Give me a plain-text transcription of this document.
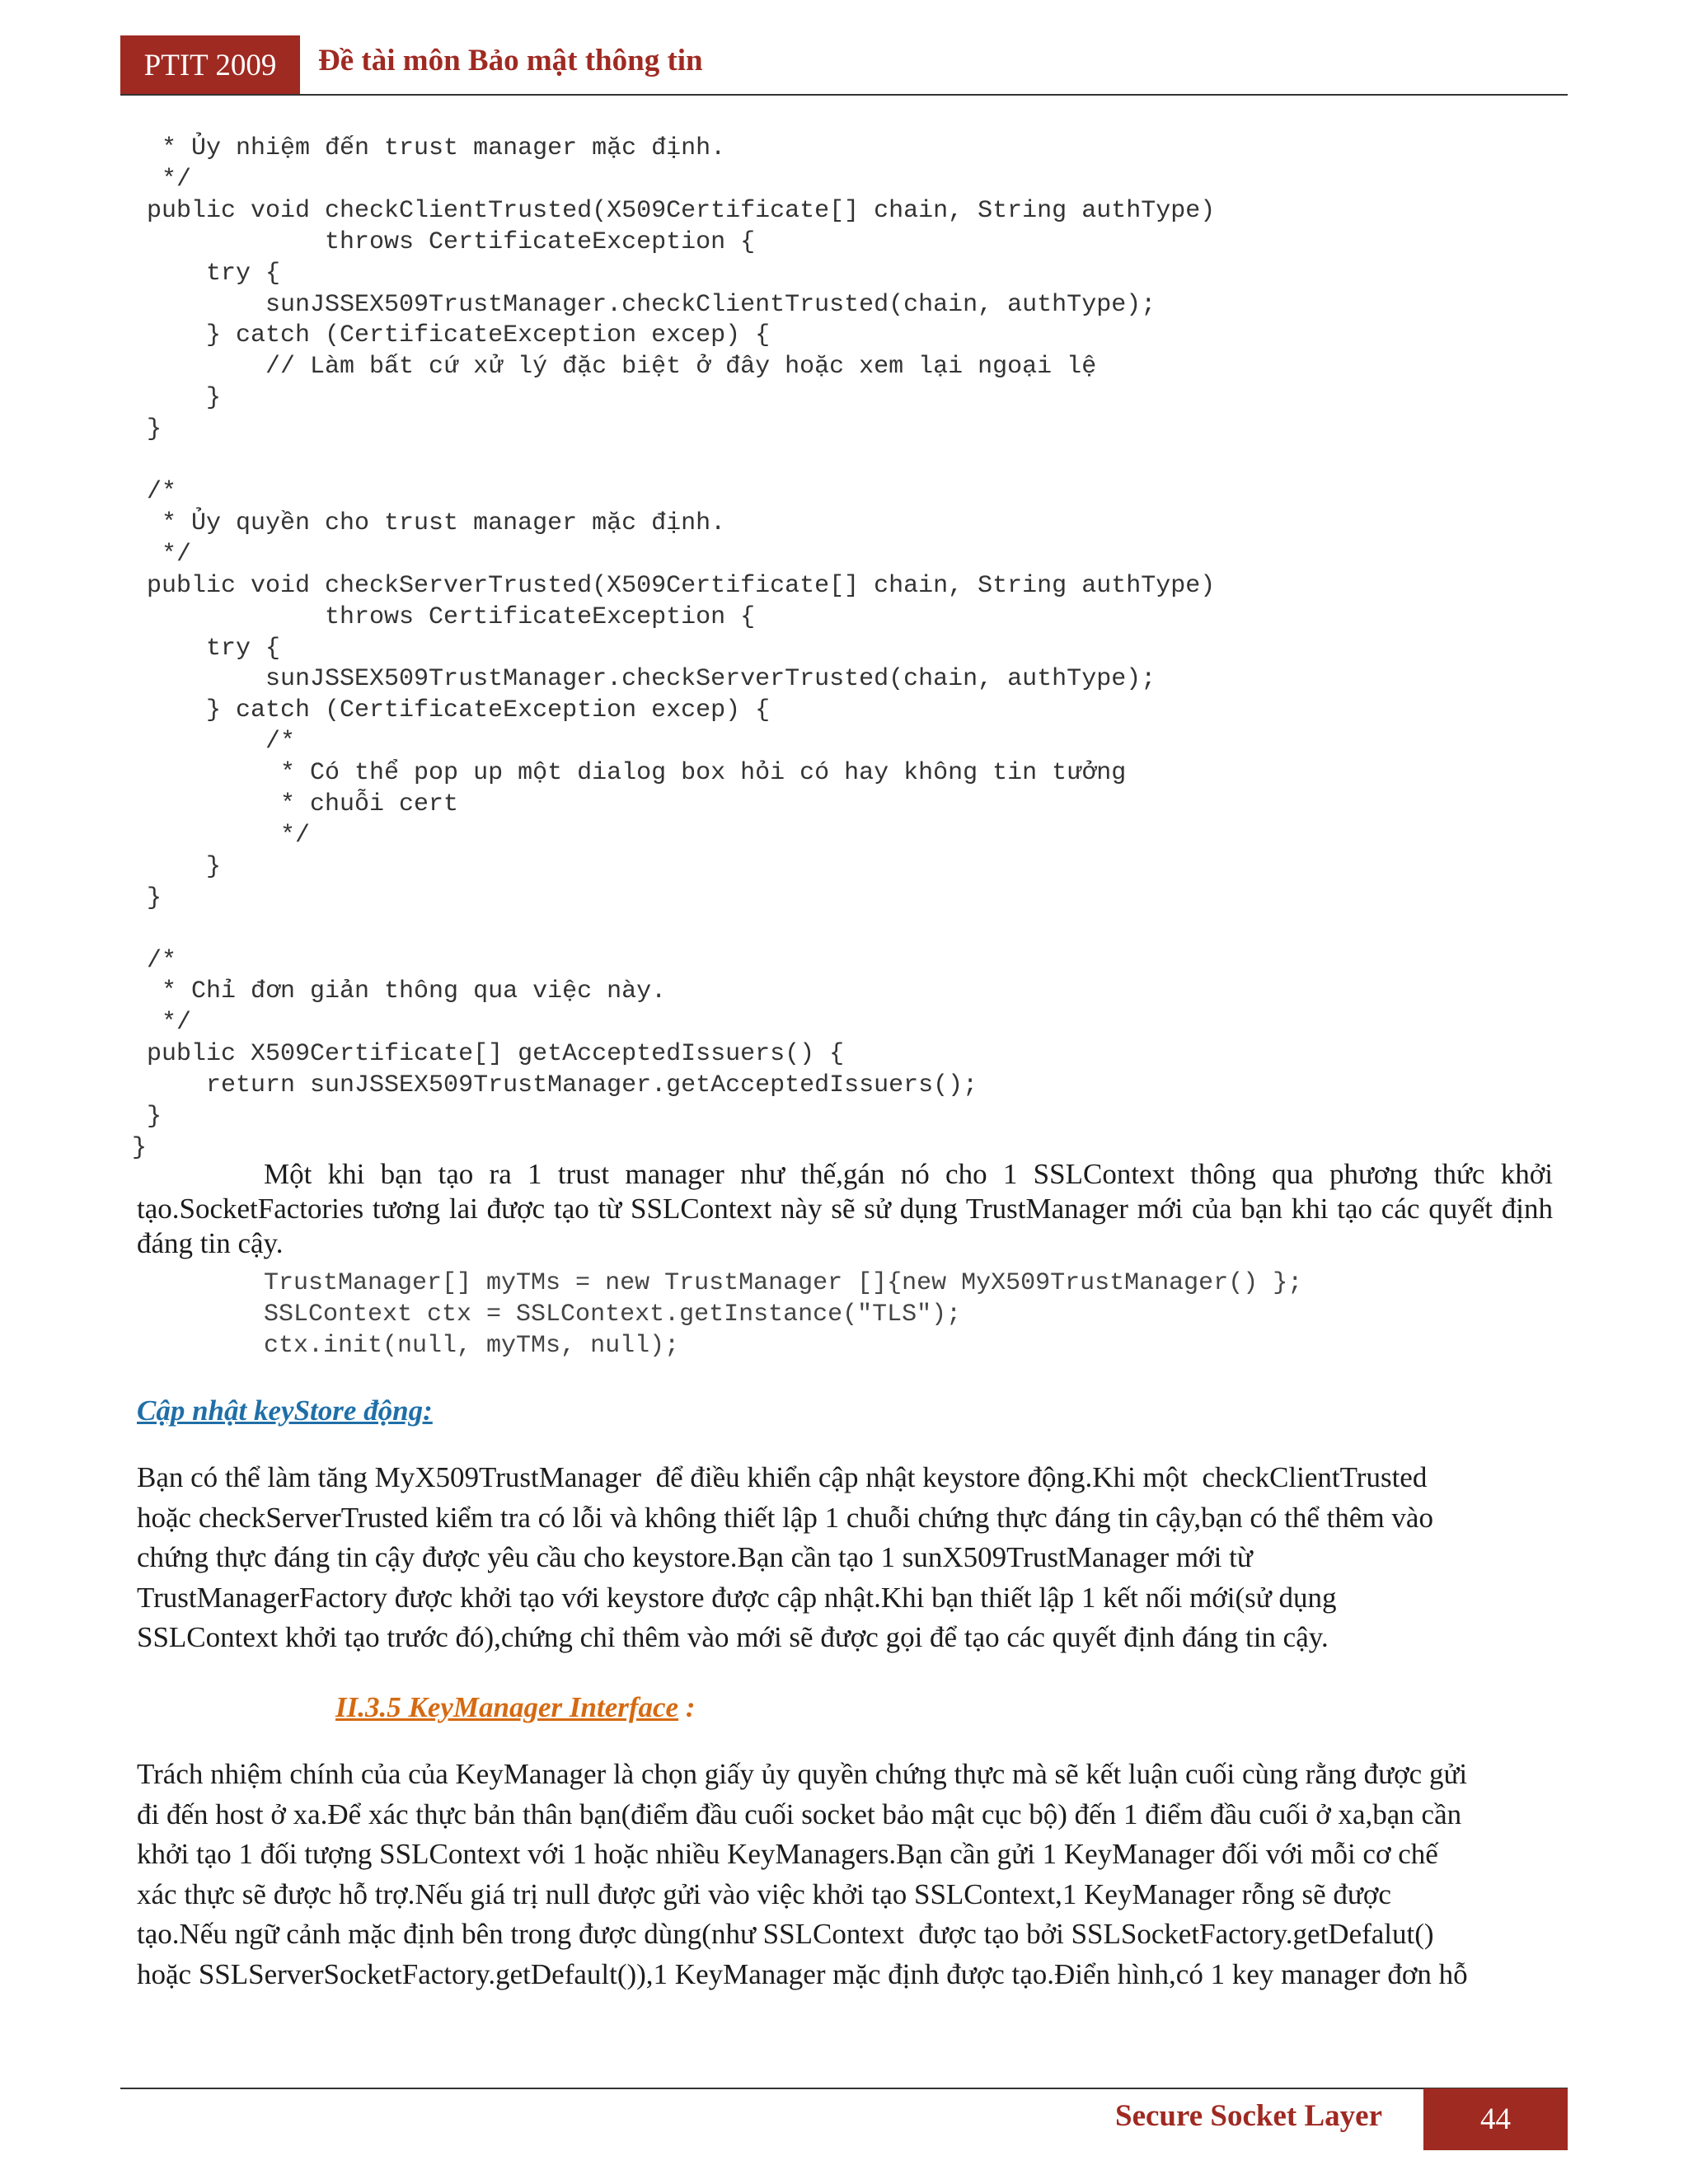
PTIT 2009 Đề tài môn Bảo mật thông tin
* Ủy nhiệm đến trust manager mặc định.
*/
public void checkClientTrusted(X509Certificate[] chain, String authType)
throws CertificateException {
try {
sunJSSEX509TrustManager.checkClientTrusted(chain, authType);
} catch (CertificateException excep) {
// Làm bất cứ xử lý đặc biệt ở đây hoặc xem lại ngoại lệ
}
}

/*
* Ủy quyền cho trust manager mặc định.
*/
public void checkServerTrusted(X509Certificate[] chain, String authType)
throws CertificateException {
try {
sunJSSEX509TrustManager.checkServerTrusted(chain, authType);
} catch (CertificateException excep) {
/*
* Có thể pop up một dialog box hỏi có hay không tin tưởng
* chuỗi cert
*/
}
}

/*
* Chỉ đơn giản thông qua việc này.
*/
public X509Certificate[] getAcceptedIssuers() {
return sunJSSEX509TrustManager.getAcceptedIssuers();
}
}

Một khi bạn tạo ra 1 trust manager như thế,gán nó cho 1 SSLContext thông qua phương thức khởi tạo.SocketFactories tương lai được tạo từ SSLContext này sẽ sử dụng TrustManager mới của bạn khi tạo các quyết định đáng tin cậy.

TrustManager[] myTMs = new TrustManager []{new MyX509TrustManager() };
SSLContext ctx = SSLContext.getInstance("TLS");
ctx.init(null, myTMs, null);
Cập nhật keyStore động:
Bạn có thể làm tăng MyX509TrustManager  để điều khiển cập nhật keystore động.Khi một  checkClientTrusted
hoặc checkServerTrusted kiểm tra có lỗi và không thiết lập 1 chuỗi chứng thực đáng tin cậy,bạn có thể thêm vào
chứng thực đáng tin cậy được yêu cầu cho keystore.Bạn cần tạo 1 sunX509TrustManager mới từ
TrustManagerFactory được khởi tạo với keystore được cập nhật.Khi bạn thiết lập 1 kết nối mới(sử dụng
SSLContext khởi tạo trước đó),chứng chỉ thêm vào mới sẽ được gọi để tạo các quyết định đáng tin cậy.
II.3.5 KeyManager Interface :
Trách nhiệm chính của của KeyManager là chọn giấy ủy quyền chứng thực mà sẽ kết luận cuối cùng rằng được gửi
đi đến host ở xa.Để xác thực bản thân bạn(điểm đầu cuối socket bảo mật cục bộ) đến 1 điểm đầu cuối ở xa,bạn cần
khởi tạo 1 đối tượng SSLContext với 1 hoặc nhiều KeyManagers.Bạn cần gửi 1 KeyManager đối với mỗi cơ chế
xác thực sẽ được hỗ trợ.Nếu giá trị null được gửi vào việc khởi tạo SSLContext,1 KeyManager rỗng sẽ được
tạo.Nếu ngữ cảnh mặc định bên trong được dùng(như SSLContext  được tạo bởi SSLSocketFactory.getDefalut()
hoặc SSLServerSocketFactory.getDefault()),1 KeyManager mặc định được tạo.Điển hình,có 1 key manager đơn hỗ
Secure Socket Layer	44
